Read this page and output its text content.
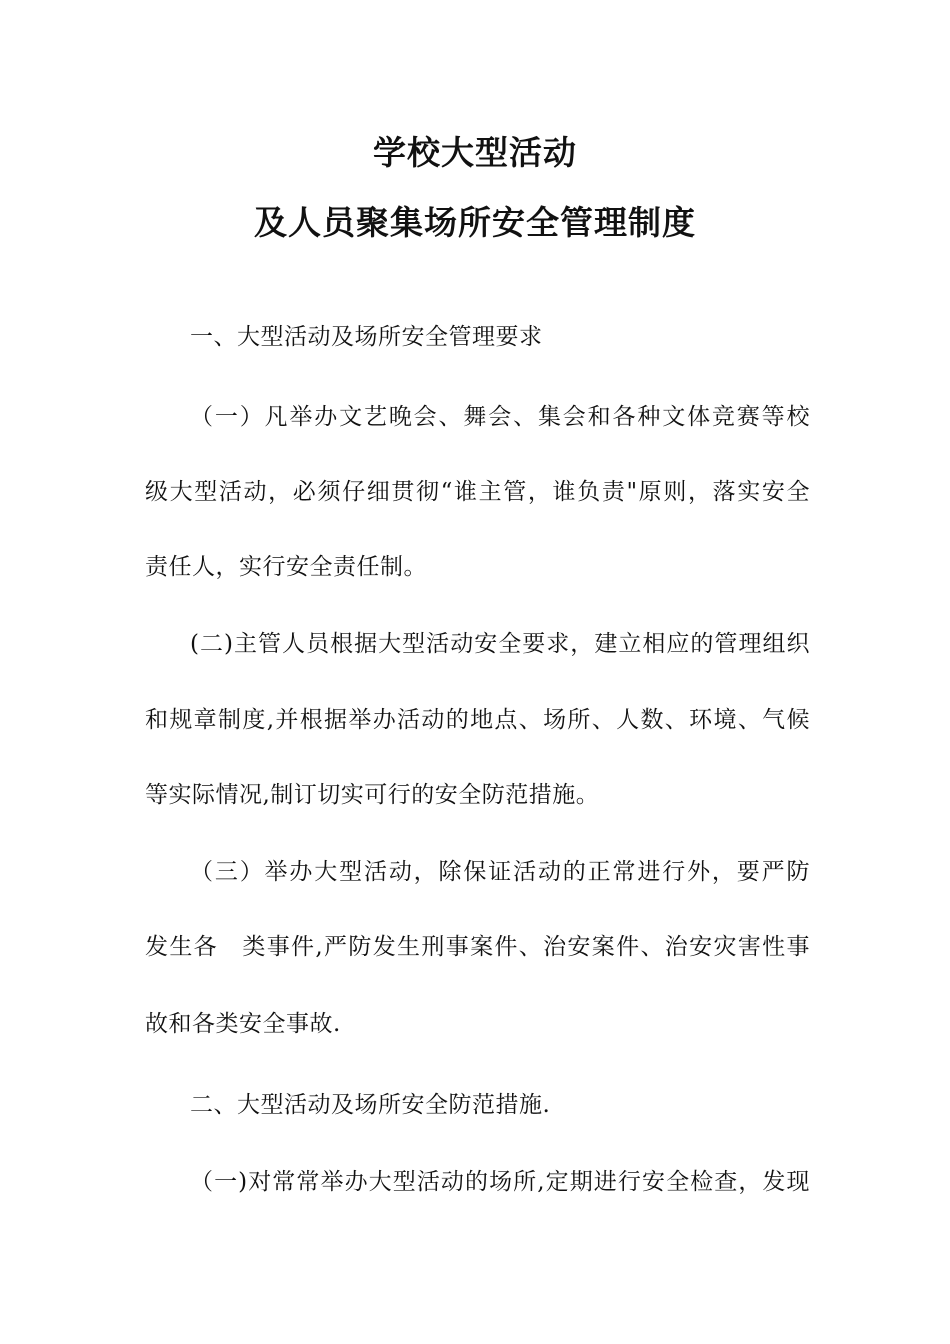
学校大型活动
及人员聚集场所安全管理制度
一、大型活动及场所安全管理要求
（一）凡举办文艺晚会、舞会、集会和各种文体竞赛等校
级大型活动，必须仔细贯彻“谁主管，谁负责"原则，落实安全
责任人，实行安全责任制。
(二)主管人员根据大型活动安全要求，建立相应的管理组织
和规章制度,并根据举办活动的地点、场所、人数、环境、气候
等实际情况,制订切实可行的安全防范措施。
（三）举办大型活动，除保证活动的正常进行外，要严防
发生各　类事件,严防发生刑事案件、治安案件、治安灾害性事
故和各类安全事故.
二、大型活动及场所安全防范措施.
（一)对常常举办大型活动的场所,定期进行安全检查，发现
